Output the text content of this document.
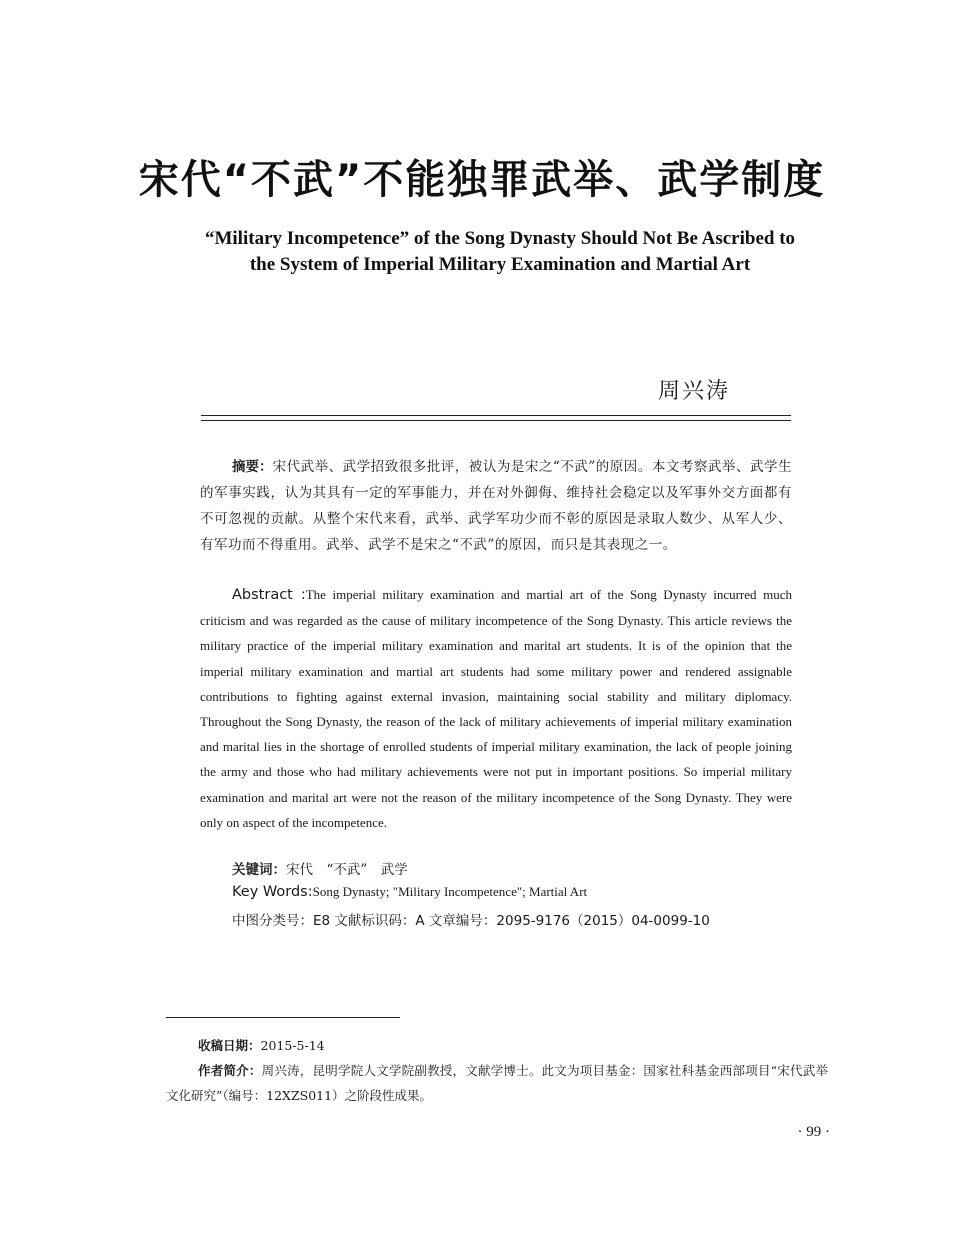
宋代“不武”不能独罪武举、武学制度
“Military Incompetence” of the Song Dynasty Should Not Be Ascribed to
the System of Imperial Military Examination and Martial Art
周兴涛
摘要：宋代武举、武学招致很多批评，被认为是宋之“不武”的原因。本文考察武举、武学生的军事实践，认为其具有一定的军事能力，并在对外御侮、维持社会稳定以及军事外交方面都有不可忽视的贡献。从整个宋代来看，武举、武学军功少而不彰的原因是录取人数少、从军人少、有军功而不得重用。武举、武学不是宋之“不武”的原因，而只是其表现之一。
Abstract :The imperial military examination and martial art of the Song Dynasty incurred much criticism and was regarded as the cause of military incompetence of the Song Dynasty. This article reviews the military practice of the imperial military examination and marital art students. It is of the opinion that the imperial military examination and martial art students had some military power and rendered assignable contributions to fighting against external invasion, maintaining social stability and military diplomacy. Throughout the Song Dynasty, the reason of the lack of military achievements of imperial military examination and marital lies in the shortage of enrolled students of imperial military examination, the lack of people joining the army and those who had military achievements were not put in important positions. So imperial military examination and marital art were not the reason of the military incompetence of the Song Dynasty. They were only on aspect of the incompetence.
关键词：宋代　“不武”　武学
Key Words:Song Dynasty; "Military Incompetence"; Martial Art
中图分类号：E8 文献标识码：A 文章编号：2095-9176（2015）04-0099-10
收稿日期：2015-5-14
作者简介：周兴涛，昆明学院人文学院副教授，文献学博士。此文为项目基金：国家社科基金西部项目“宋代武举文化研究”（编号：12XZS011）之阶段性成果。
· 99 ·
